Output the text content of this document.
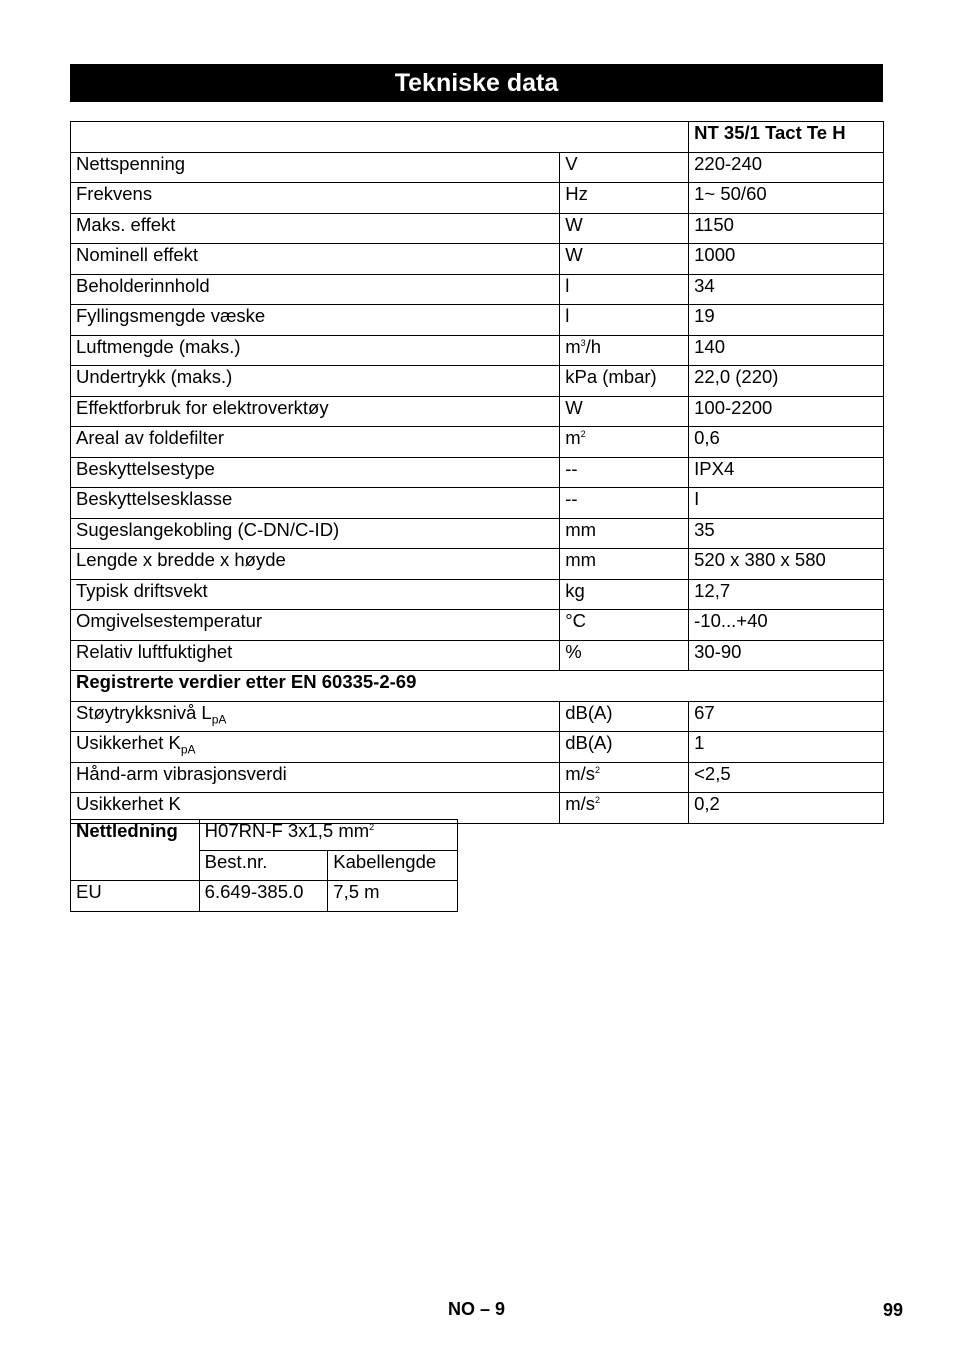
Tekniske data
		NT 35/1 Tact Te H
Nettspenning	V	220-240
Frekvens	Hz	1~ 50/60
Maks. effekt	W	1150
Nominell effekt	W	1000
Beholderinnhold	l	34
Fyllingsmengde væske	l	19
Luftmengde (maks.)	$m^3/h$	140
Undertrykk (maks.)	kPa (mbar)	22,0 (220)
Effektforbruk for elektroverktøy	W	100-2200
Areal av foldefilter	$m^2$	0,6
Beskyttelsestype	--	IPX4
Beskyttelsesklasse	--	I
Sugeslangekobling (C-DN/C-ID)	mm	35
Lengde x bredde x høyde	mm	520 x 380 x 580
Typisk driftsvekt	kg	12,7
Omgivelsestemperatur	°C	-10...+40
Relativ luftfuktighet	%	30-90
Registrerte verdier etter EN 60335-2-69		
Støytrykksnivå $L_{pA}$	dB(A)	67
Usikkerhet $K_{pA}$	dB(A)	1
Hånd-arm vibrasjonsverdi	$m/s^2$	<2,5
Usikkerhet K	$m/s^2$	0,2
Nettledning	H07RN-F 3x1,5 $mm^2$
	Best.nr.	Kabellengde
EU	6.649-385.0	7,5 m
NO – 9	99
